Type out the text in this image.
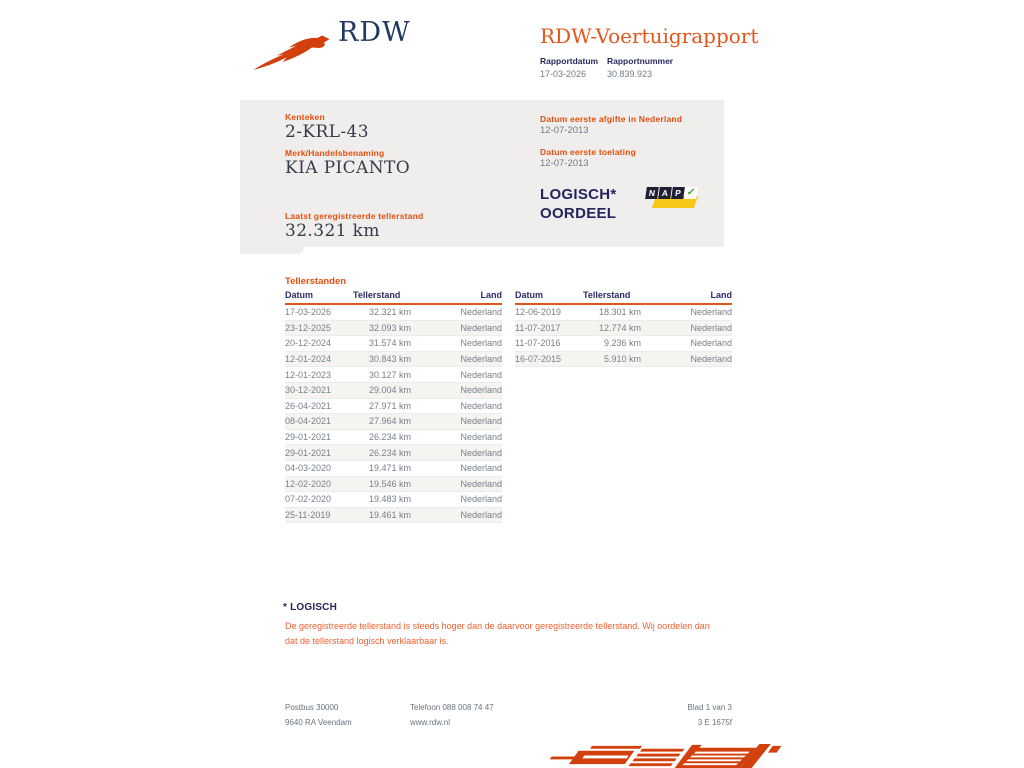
RDW	RDW-Voertuigrapport
Rapportdatum
17-03-2026
Rapportnummer
30.839.923
Kenteken
2-KRL-43
Merk/Handelsbenaming
KIA PICANTO
Laatst geregistreerde tellerstand
32.321 km
Datum eerste afgifte in Nederland
12-07-2013
Datum eerste toelating
12-07-2013
LOGISCH*
OORDEEL
N A P ✓
Tellerstanden
Datum	Tellerstand	Land
17-03-2026	32.321 km	Nederland
23-12-2025	32.093 km	Nederland
20-12-2024	31.574 km	Nederland
12-01-2024	30.843 km	Nederland
12-01-2023	30.127 km	Nederland
30-12-2021	29.004 km	Nederland
26-04-2021	27.971 km	Nederland
08-04-2021	27.964 km	Nederland
29-01-2021	26.234 km	Nederland
29-01-2021	26.234 km	Nederland
04-03-2020	19.471 km	Nederland
12-02-2020	19.546 km	Nederland
07-02-2020	19.483 km	Nederland
25-11-2019	19.461 km	Nederland
Datum	Tellerstand	Land
12-06-2019	18.301 km	Nederland
11-07-2017	12.774 km	Nederland
11-07-2016	9.236 km	Nederland
16-07-2015	5.910 km	Nederland
* LOGISCH
De geregistreerde tellerstand is steeds hoger dan de daarvoor geregistreerde tellerstand. Wij oordelen dan dat de tellerstand logisch verklaarbaar is.
Postbus 30000
9640 RA Veendam
Telefoon 088 008 74 47
www.rdw.nl
Blad 1 van 3
3 E 1675f
